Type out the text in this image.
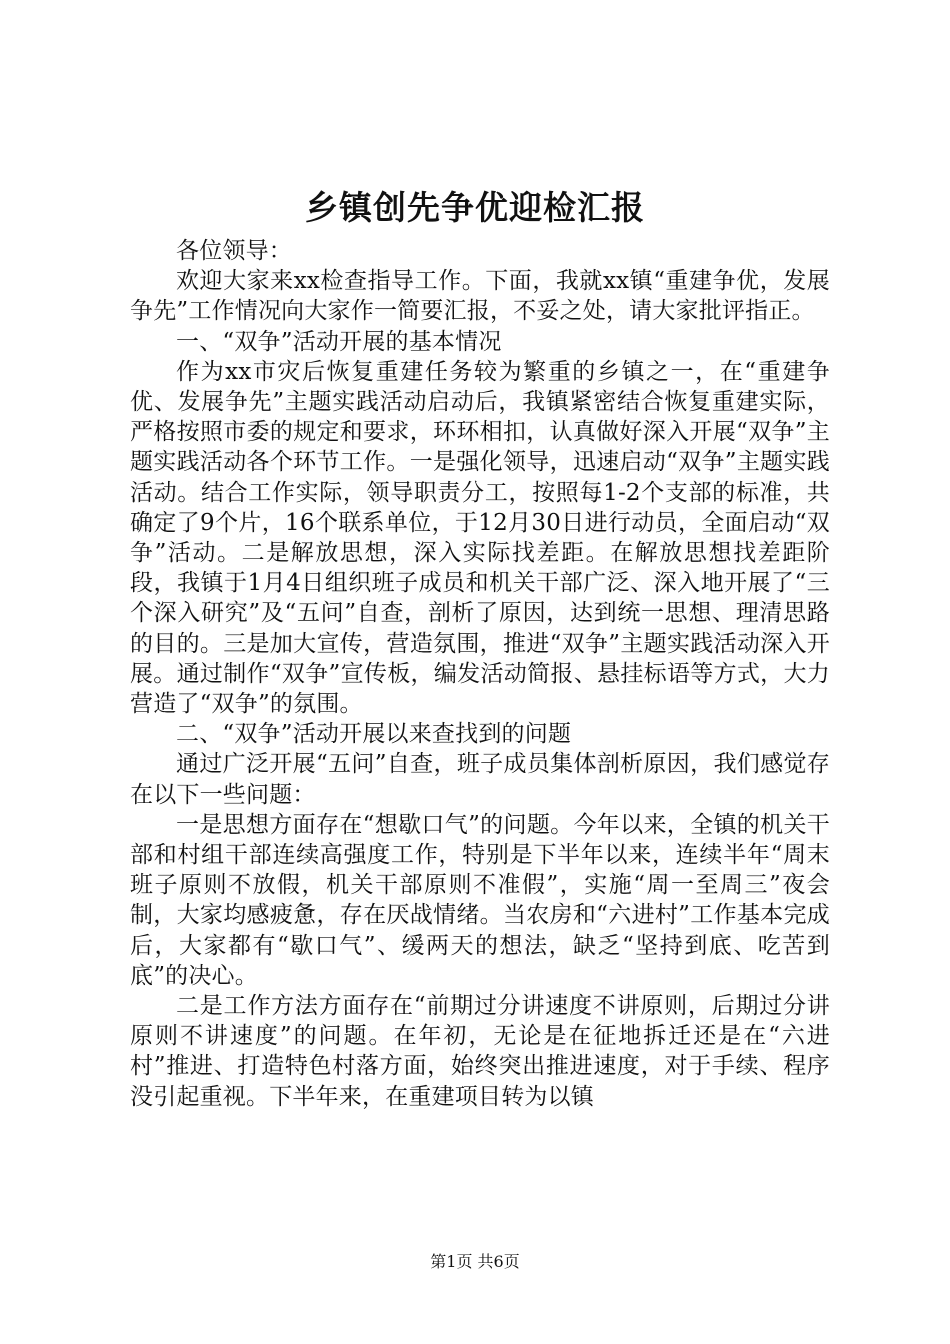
乡镇创先争优迎检汇报

各位领导：

欢迎大家来xx检查指导工作。下面，我就xx镇“重建争优，发展争先”工作情况向大家作一简要汇报，不妥之处，请大家批评指正。

一、“双争”活动开展的基本情况

作为xx市灾后恢复重建任务较为繁重的乡镇之一，在“重建争优、发展争先”主题实践活动启动后，我镇紧密结合恢复重建实际，严格按照市委的规定和要求，环环相扣，认真做好深入开展“双争”主题实践活动各个环节工作。一是强化领导，迅速启动“双争”主题实践活动。结合工作实际，领导职责分工，按照每1-2个支部的标准，共确定了9个片，16个联系单位，于12月30日进行动员，全面启动“双争”活动。二是解放思想，深入实际找差距。在解放思想找差距阶段，我镇于1月4日组织班子成员和机关干部广泛、深入地开展了“三个深入研究”及“五问”自查，剖析了原因，达到统一思想、理清思路的目的。三是加大宣传，营造氛围，推进“双争”主题实践活动深入开展。通过制作“双争”宣传板，编发活动简报、悬挂标语等方式，大力营造了“双争”的氛围。

二、“双争”活动开展以来查找到的问题

通过广泛开展“五问”自查，班子成员集体剖析原因，我们感觉存在以下一些问题：

一是思想方面存在“想歇口气”的问题。今年以来，全镇的机关干部和村组干部连续高强度工作，特别是下半年以来，连续半年“周末班子原则不放假，机关干部原则不准假”，实施“周一至周三”夜会制，大家均感疲惫，存在厌战情绪。当农房和“六进村”工作基本完成后，大家都有“歇口气”、缓两天的想法，缺乏“坚持到底、吃苦到底”的决心。

二是工作方法方面存在“前期过分讲速度不讲原则，后期过分讲原则不讲速度”的问题。在年初，无论是在征地拆迁还是在“六进村”推进、打造特色村落方面，始终突出推进速度，对于手续、程序没引起重视。下半年来，在重建项目转为以镇

第1页 共6页
